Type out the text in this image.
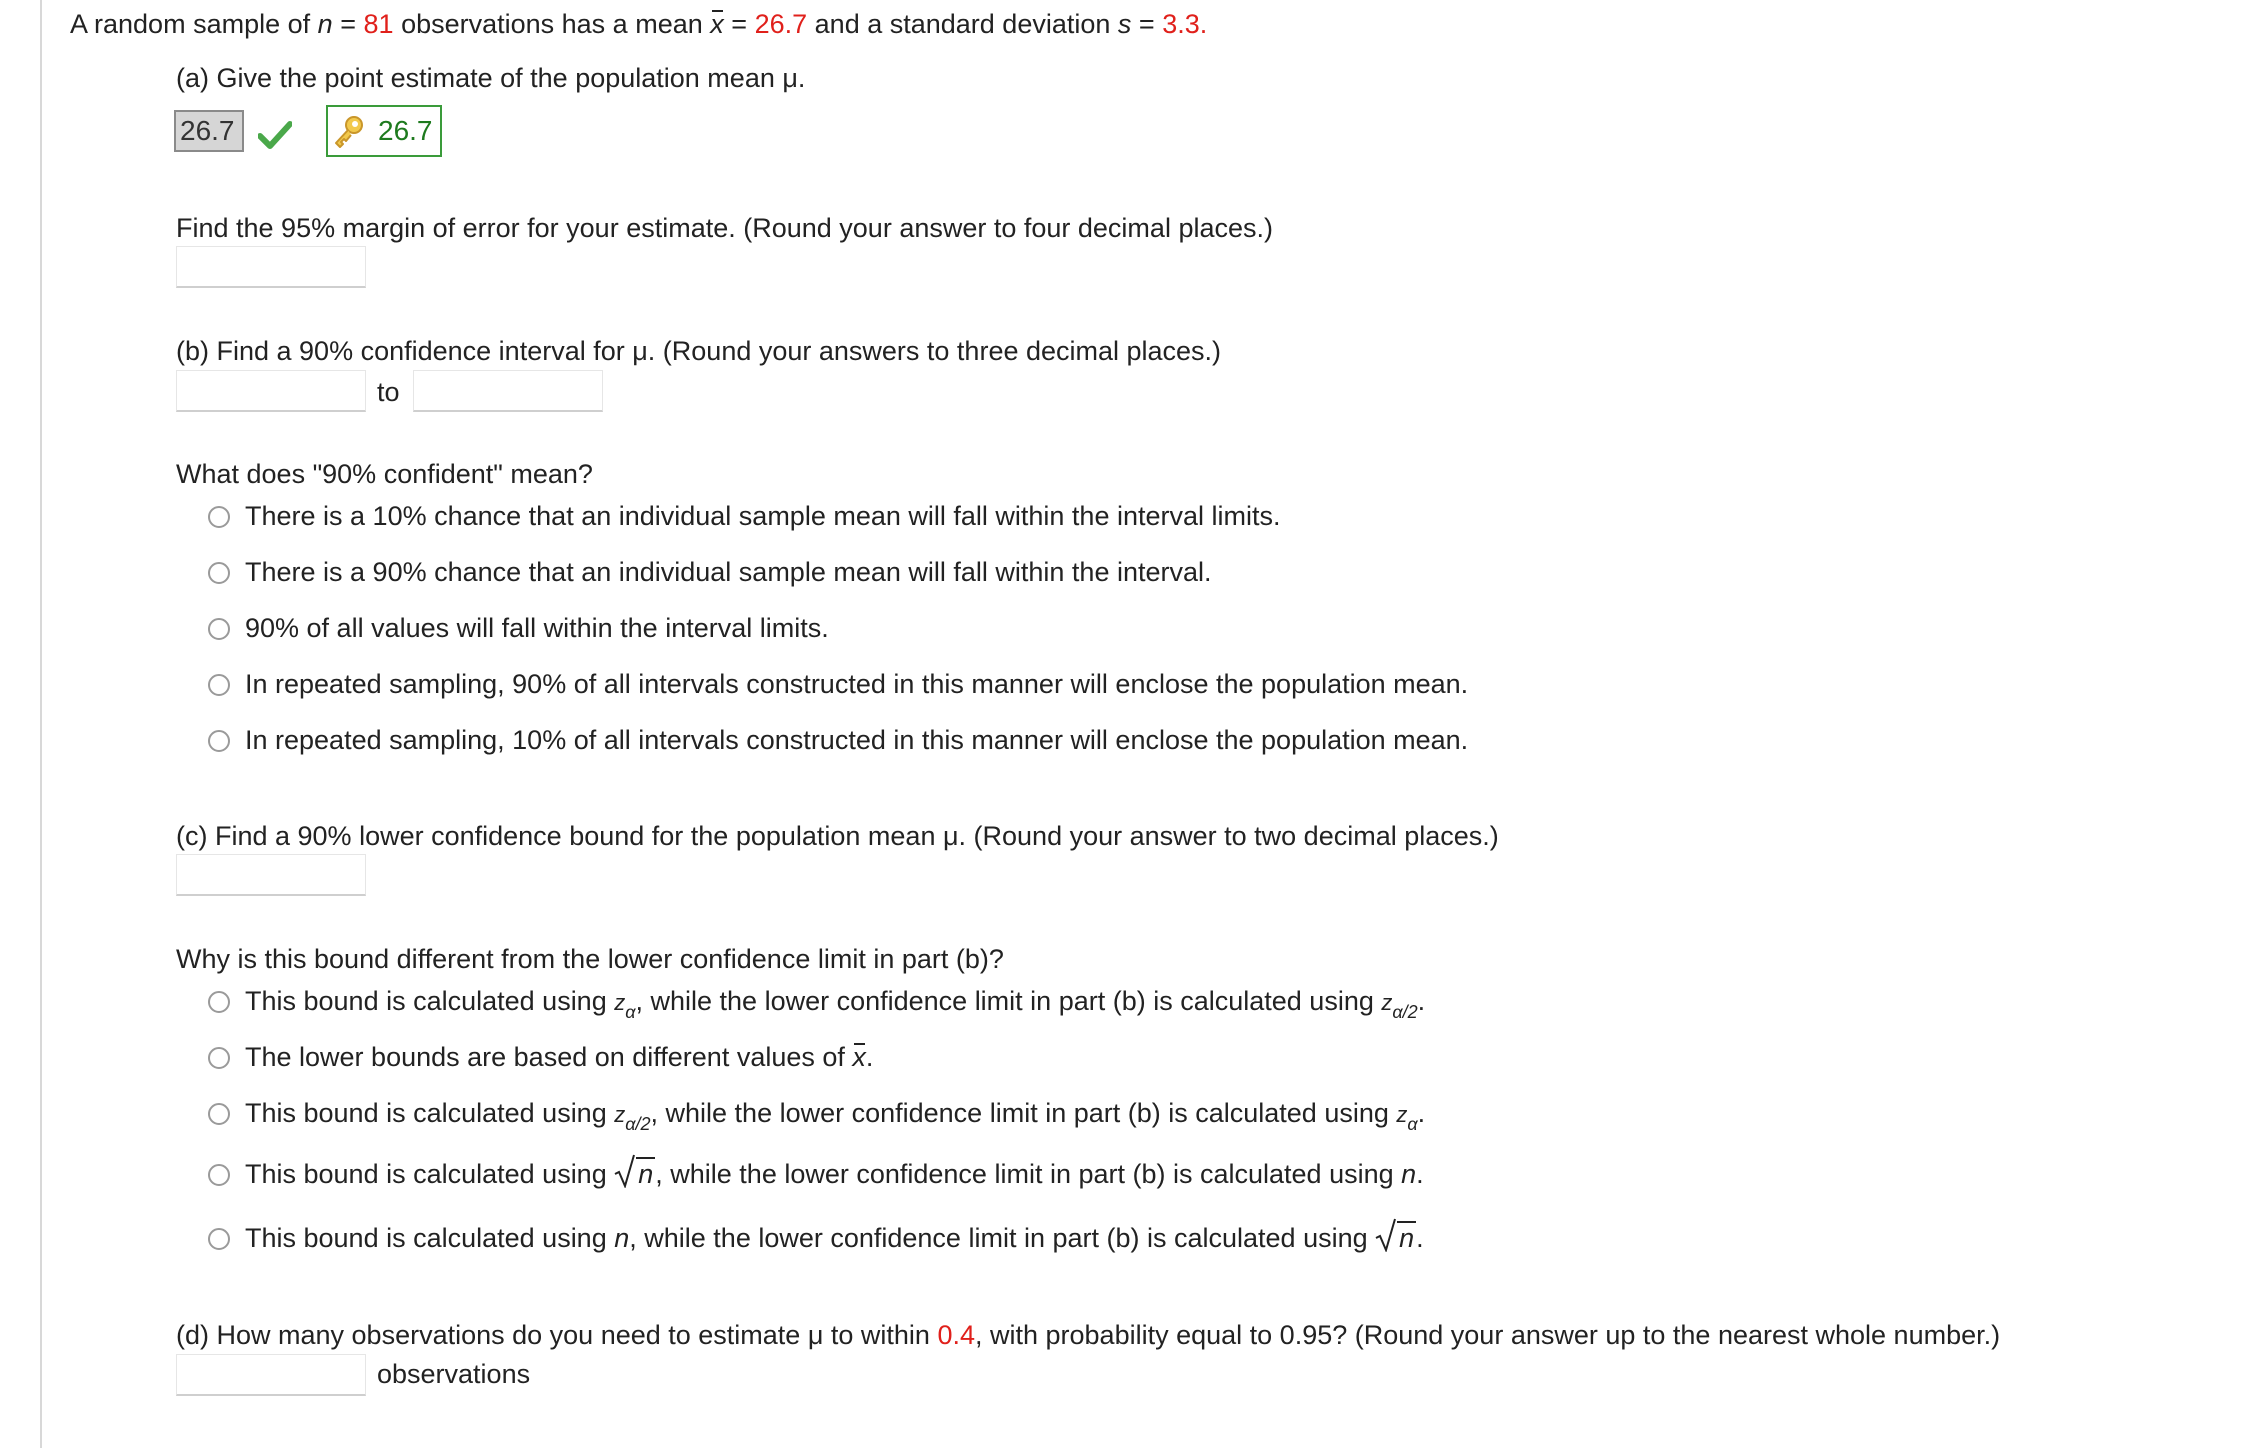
A random sample of n = 81 observations has a mean x = 26.7 and a standard deviation s = 3.3.
(a) Give the point estimate of the population mean μ.
26.7	26.7
Find the 95% margin of error for your estimate. (Round your answer to four decimal places.)
(b) Find a 90% confidence interval for μ. (Round your answers to three decimal places.)
to
What does "90% confident" mean?
There is a 10% chance that an individual sample mean will fall within the interval limits.
There is a 90% chance that an individual sample mean will fall within the interval.
90% of all values will fall within the interval limits.
In repeated sampling, 90% of all intervals constructed in this manner will enclose the population mean.
In repeated sampling, 10% of all intervals constructed in this manner will enclose the population mean.
(c) Find a 90% lower confidence bound for the population mean μ. (Round your answer to two decimal places.)
Why is this bound different from the lower confidence limit in part (b)?
This bound is calculated using $z_\alpha$, while the lower confidence limit in part (b) is calculated using $z_{\alpha/2}$.
The lower bounds are based on different values of x.
This bound is calculated using $z_{\alpha/2}$, while the lower confidence limit in part (b) is calculated using $z_\alpha$.
This bound is calculated using n, while the lower confidence limit in part (b) is calculated using n.
This bound is calculated using n, while the lower confidence limit in part (b) is calculated using n.
(d) How many observations do you need to estimate μ to within 0.4, with probability equal to 0.95? (Round your answer up to the nearest whole number.)
observations
